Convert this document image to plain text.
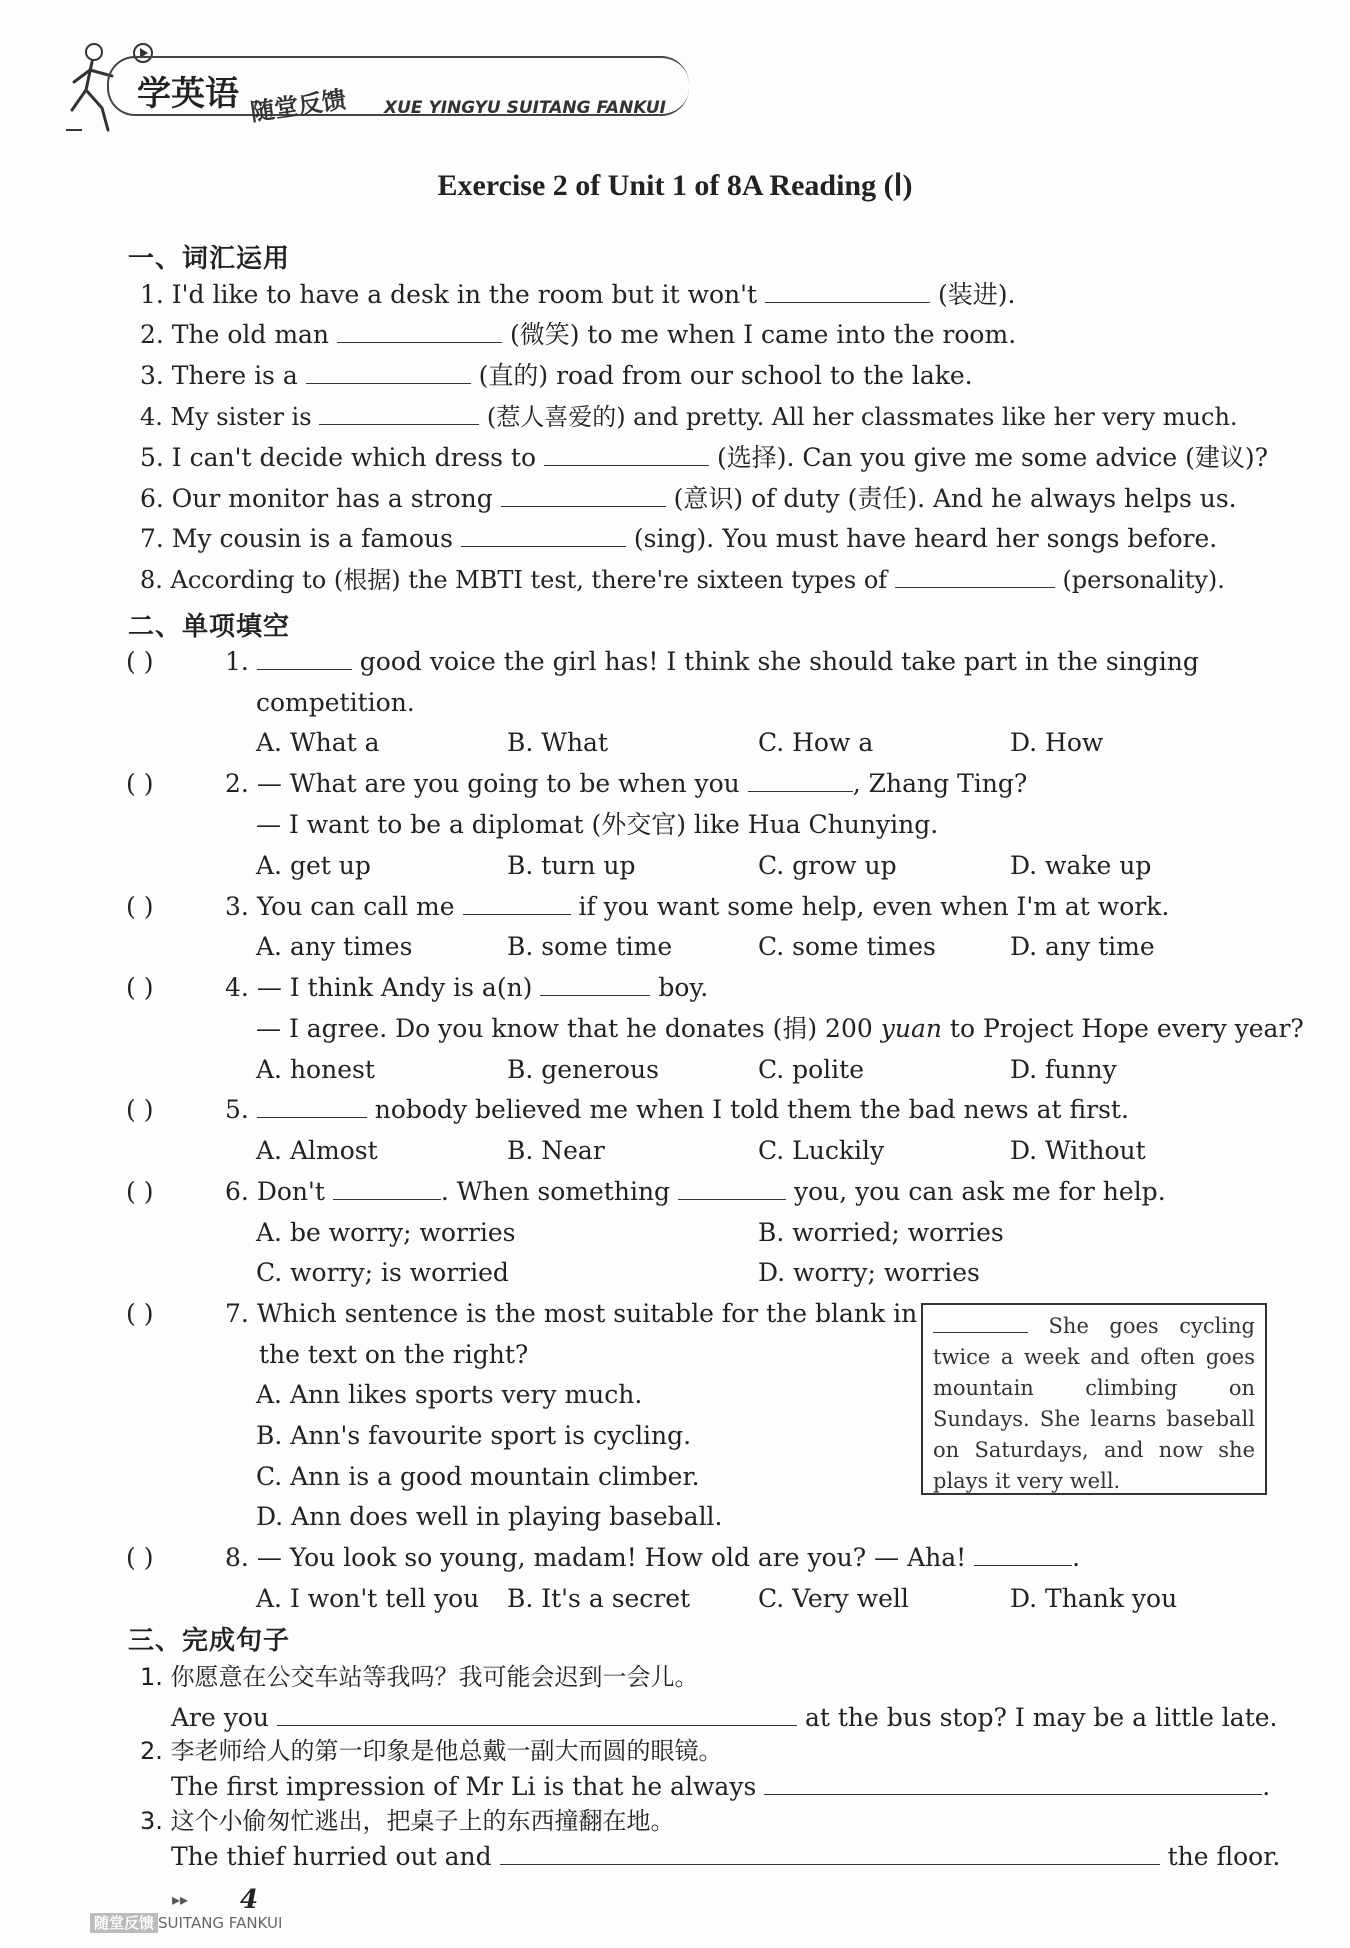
学英语 随堂反馈 XUE YINGYU SUITANG FANKUI
Exercise 2 of Unit 1 of 8A Reading (Ⅰ)
一、词汇运用
1. I'd like to have a desk in the room but it won't	(装进).
2. The old man	(微笑) to me when I came into the room.
3. There is a	(直的) road from our school to the lake.
4. My sister is	(惹人喜爱的) and pretty. All her classmates like her very much.
5. I can't decide which dress to	(选择). Can you give me some advice (建议)?
6. Our monitor has a strong	(意识) of duty (责任). And he always helps us.
7. My cousin is a famous	(sing). You must have heard her songs before.
8. According to (根据) the MBTI test, there're sixteen types of	(personality).
二、单项填空
( )	1.	good voice the girl has! I think she should take part in the singing
competition.
A. What a	B. What	C. How a	D. How
( )	2. — What are you going to be when you	, Zhang Ting?
— I want to be a diplomat (外交官) like Hua Chunying.
A. get up	B. turn up	C. grow up	D. wake up
( )	3. You can call me	if you want some help, even when I'm at work.
A. any times	B. some time	C. some times	D. any time
( )	4. — I think Andy is a(n)	boy.
— I agree. Do you know that he donates (捐) 200 yuan to Project Hope every year?
A. honest	B. generous	C. polite	D. funny
( )	5.	nobody believed me when I told them the bad news at first.
A. Almost	B. Near	C. Luckily	D. Without
( )	6. Don't	. When something	you, you can ask me for help.
A. be worry; worries	B. worried; worries
C. worry; is worried	D. worry; worries
( )	7. Which sentence is the most suitable for the blank in
the text on the right?
A. Ann likes sports very much.
B. Ann's favourite sport is cycling.
C. Ann is a good mountain climber.
D. Ann does well in playing baseball.
She goes cycling twice a week and often goes mountain climbing on Sundays. She learns baseball on Saturdays, and now she plays it very well.
( )	8. — You look so young, madam! How old are you? — Aha!	.
A. I won't tell you B. It's a secret	C. Very well	D. Thank you
三、完成句子
1. 你愿意在公交车站等我吗？我可能会迟到一会儿。
Are you	at the bus stop? I may be a little late.
2. 李老师给人的第一印象是他总戴一副大而圆的眼镜。
The first impression of Mr Li is that he always	.
3. 这个小偷匆忙逃出，把桌子上的东西撞翻在地。
The thief hurried out and	the floor.
▸▸ 4
随堂反馈 SUITANG FANKUI
